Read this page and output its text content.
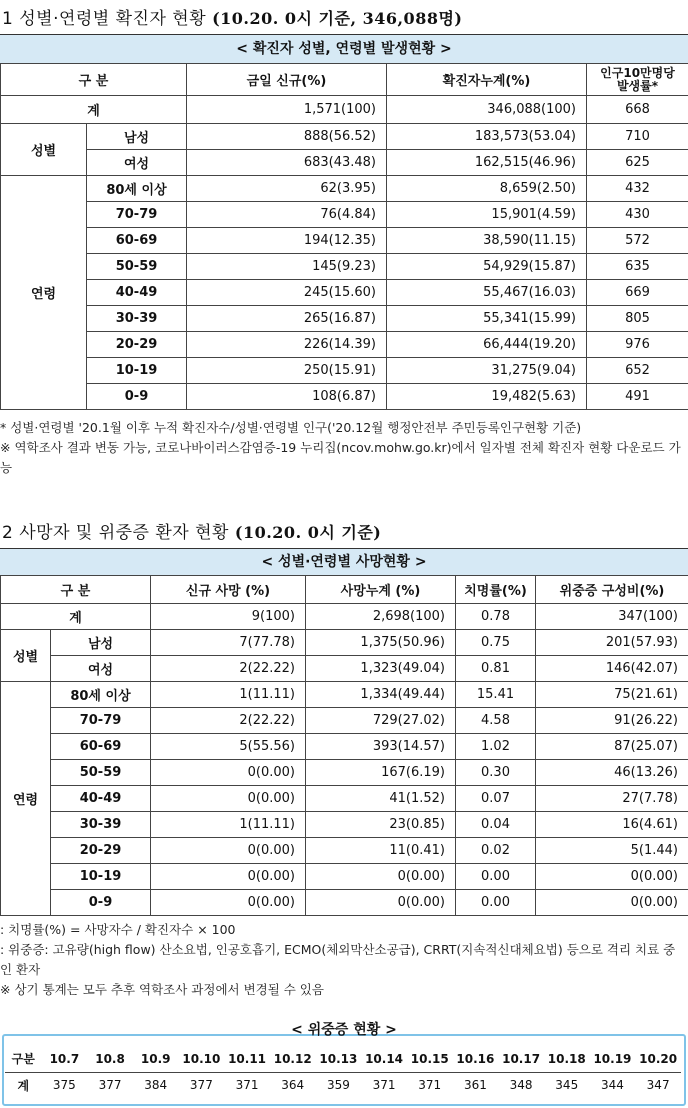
1 성별·연령별 확진자 현황 (10.20. 0시 기준, 346,088명)
< 확진자 성별, 연령별 발생현황 >
구 분		금일 신규(%)	확진자누계(%)	인구10만명당
발생률*
계		1,571(100)	346,088(100)	668
성별	남성	888(56.52)	183,573(53.04)	710
	여성	683(43.48)	162,515(46.96)	625
연령	80세 이상	62(3.95)	8,659(2.50)	432
	70-79	76(4.84)	15,901(4.59)	430
	60-69	194(12.35)	38,590(11.15)	572
	50-59	145(9.23)	54,929(15.87)	635
	40-49	245(15.60)	55,467(16.03)	669
	30-39	265(16.87)	55,341(15.99)	805
	20-29	226(14.39)	66,444(19.20)	976
	10-19	250(15.91)	31,275(9.04)	652
	0-9	108(6.87)	19,482(5.63)	491
* 성별·연령별 '20.1월 이후 누적 확진자수/성별·연령별 인구('20.12월 행정안전부 주민등록인구현황 기준)
※ 역학조사 결과 변동 가능, 코로나바이러스감염증-19 누리집(ncov.mohw.go.kr)에서 일자별 전체 확진자 현황 다운로드 가능
2 사망자 및 위중증 환자 현황 (10.20. 0시 기준)
< 성별·연령별 사망현황 >
구 분		신규 사망 (%)	사망누계 (%)	치명률(%)	위중증 구성비(%)
계		9(100)	2,698(100)	0.78	347(100)
성별	남성	7(77.78)	1,375(50.96)	0.75	201(57.93)
	여성	2(22.22)	1,323(49.04)	0.81	146(42.07)
연령	80세 이상	1(11.11)	1,334(49.44)	15.41	75(21.61)
	70-79	2(22.22)	729(27.02)	4.58	91(26.22)
	60-69	5(55.56)	393(14.57)	1.02	87(25.07)
	50-59	0(0.00)	167(6.19)	0.30	46(13.26)
	40-49	0(0.00)	41(1.52)	0.07	27(7.78)
	30-39	1(11.11)	23(0.85)	0.04	16(4.61)
	20-29	0(0.00)	11(0.41)	0.02	5(1.44)
	10-19	0(0.00)	0(0.00)	0.00	0(0.00)
	0-9	0(0.00)	0(0.00)	0.00	0(0.00)
: 치명률(%) = 사망자수 / 확진자수 × 100
: 위중증: 고유량(high flow) 산소요법, 인공호흡기, ECMO(체외막산소공급), CRRT(지속적신대체요법) 등으로 격리 치료 중인 환자
※ 상기 통계는 모두 추후 역학조사 과정에서 변경될 수 있음
< 위중증 현황 >
구분	10.7	10.8	10.9	10.10	10.11	10.12	10.13	10.14	10.15	10.16	10.17	10.18	10.19	10.20
계	375	377	384	377	371	364	359	371	371	361	348	345	344	347
